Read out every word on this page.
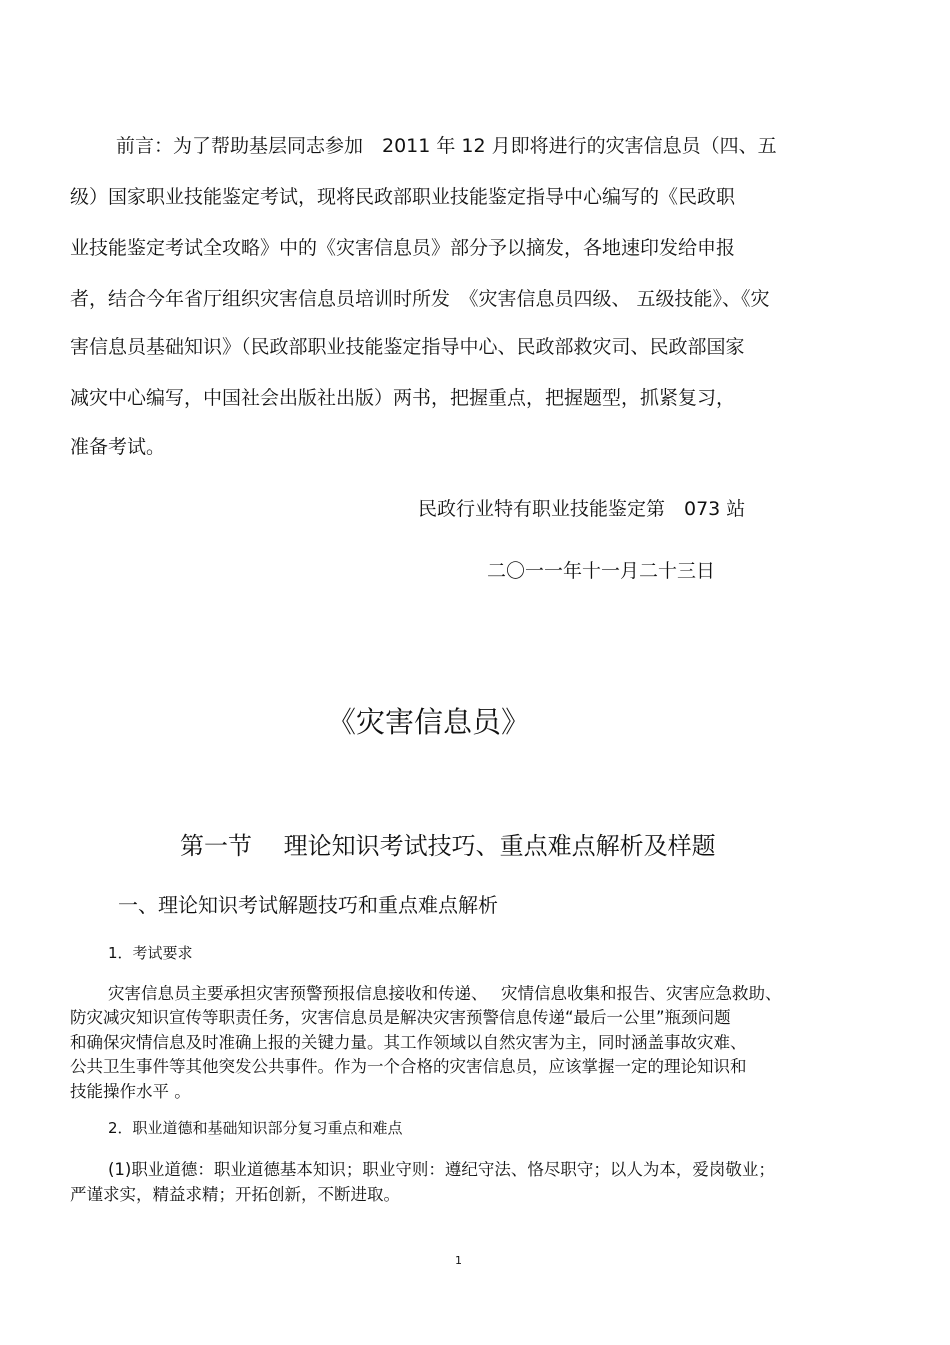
前言：为了帮助基层同志参加　2011 年 12 月即将进行的灾害信息员（四、五
级）国家职业技能鉴定考试，现将民政部职业技能鉴定指导中心编写的《民政职
业技能鉴定考试全攻略》中的《灾害信息员》部分予以摘发，各地速印发给申报
者，结合今年省厅组织灾害信息员培训时所发　《灾害信息员四级、 五级技能》、《灾
害信息员基础知识》（民政部职业技能鉴定指导中心、民政部救灾司、民政部国家
减灾中心编写，中国社会出版社出版）两书，把握重点，把握题型，抓紧复习，
准备考试。
民政行业特有职业技能鉴定第　073 站
二〇一一年十一月二十三日
《灾害信息员》
第一节　 理论知识考试技巧、重点难点解析及样题
一、理论知识考试解题技巧和重点难点解析
1．考试要求
灾害信息员主要承担灾害预警预报信息接收和传递、　 灾情信息收集和报告、灾害应急救助、
防灾减灾知识宣传等职责任务，灾害信息员是解决灾害预警信息传递“最后一公里”瓶颈问题
和确保灾情信息及时准确上报的关键力量。其工作领域以自然灾害为主，同时涵盖事故灾难、
公共卫生事件等其他突发公共事件。作为一个合格的灾害信息员，应该掌握一定的理论知识和
技能操作水平 。
2．职业道德和基础知识部分复习重点和难点
(1)职业道德：职业道德基本知识；职业守则：遵纪守法、恪尽职守；以人为本，爱岗敬业；
严谨求实，精益求精；开拓创新，不断进取。
1
